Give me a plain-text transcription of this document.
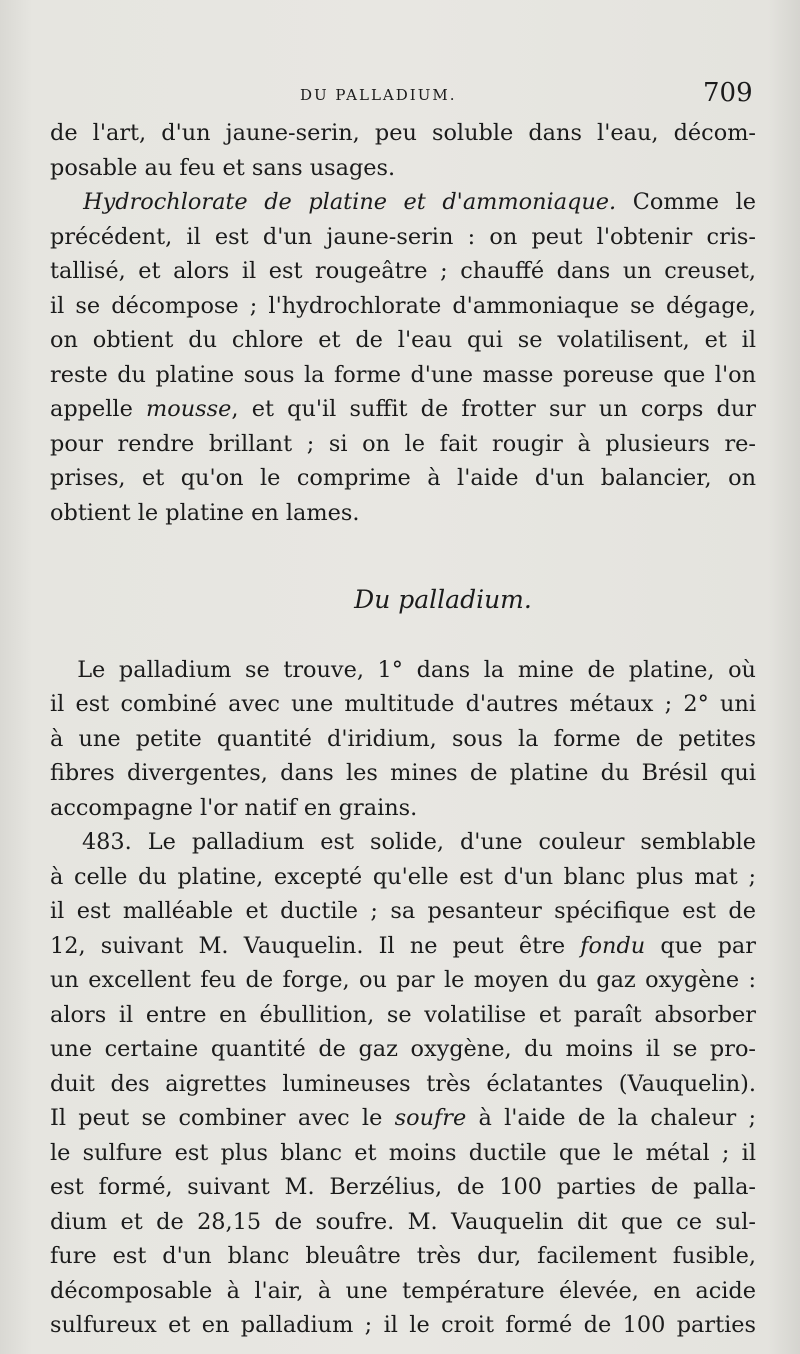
DU PALLADIUM.	709
de l'art, d'un jaune-serin, peu soluble dans l'eau, décom-
posable au feu et sans usages.
Hydrochlorate de platine et d'ammoniaque. Comme le
précédent, il est d'un jaune-serin : on peut l'obtenir cris-
tallisé, et alors il est rougeâtre ; chauffé dans un creuset,
il se décompose ; l'hydrochlorate d'ammoniaque se dégage,
on obtient du chlore et de l'eau qui se volatilisent, et il
reste du platine sous la forme d'une masse poreuse que l'on
appelle mousse, et qu'il suffit de frotter sur un corps dur
pour rendre brillant ; si on le fait rougir à plusieurs re-
prises, et qu'on le comprime à l'aide d'un balancier, on
obtient le platine en lames.
Du palladium.
Le palladium se trouve, 1° dans la mine de platine, où
il est combiné avec une multitude d'autres métaux ; 2° uni
à une petite quantité d'iridium, sous la forme de petites
fibres divergentes, dans les mines de platine du Brésil qui
accompagne l'or natif en grains.
483. Le palladium est solide, d'une couleur semblable
à celle du platine, excepté qu'elle est d'un blanc plus mat ;
il est malléable et ductile ; sa pesanteur spécifique est de
12, suivant M. Vauquelin. Il ne peut être fondu que par
un excellent feu de forge, ou par le moyen du gaz oxygène :
alors il entre en ébullition, se volatilise et paraît absorber
une certaine quantité de gaz oxygène, du moins il se pro-
duit des aigrettes lumineuses très éclatantes (Vauquelin).
Il peut se combiner avec le soufre à l'aide de la chaleur ;
le sulfure est plus blanc et moins ductile que le métal ; il
est formé, suivant M. Berzélius, de 100 parties de palla-
dium et de 28,15 de soufre. M. Vauquelin dit que ce sul-
fure est d'un blanc bleuâtre très dur, facilement fusible,
décomposable à l'air, à une température élevée, en acide
sulfureux et en palladium ; il le croit formé de 100 parties
